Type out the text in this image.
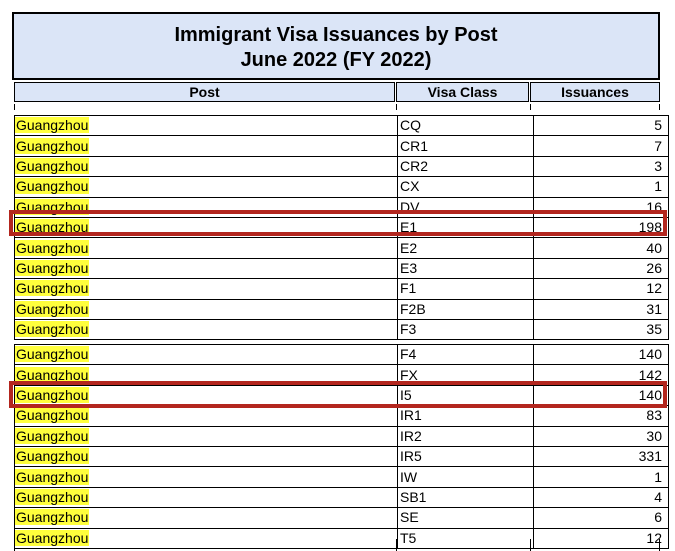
Immigrant Visa Issuances by Post
June 2022 (FY 2022)
Post	Visa Class	Issuances
Guangzhou	CQ	5
Guangzhou	CR1	7
Guangzhou	CR2	3
Guangzhou	CX	1
Guangzhou	DV	16
Guangzhou	E1	198
Guangzhou	E2	40
Guangzhou	E3	26
Guangzhou	F1	12
Guangzhou	F2B	31
Guangzhou	F3	35
Guangzhou	F4	140
Guangzhou	FX	142
Guangzhou	I5	140
Guangzhou	IR1	83
Guangzhou	IR2	30
Guangzhou	IR5	331
Guangzhou	IW	1
Guangzhou	SB1	4
Guangzhou	SE	6
Guangzhou	T5	12
